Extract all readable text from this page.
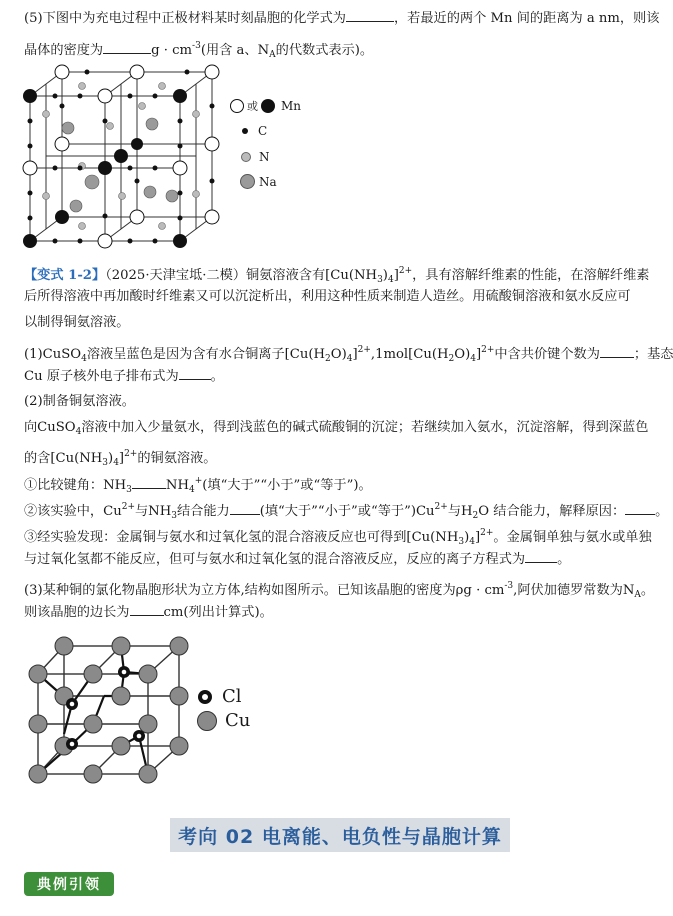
(5)下图中为充电过程中正极材料某时刻晶胞的化学式为	，若最近的两个 Mn 间的距离为 a nm，则该
晶体的密度为	$g \cdot cm^{-3}$(用含 a、$N_A$的代数式表示)。
或 Mn
C
N
Na
【变式 1-2】（2025·天津宝坻·二模）铜氨溶液含有$[Cu(NH_3)_4]^{2+}$，具有溶解纤维素的性能，在溶解纤维素
后所得溶液中再加酸时纤维素又可以沉淀析出，利用这种性质来制造人造丝。用硫酸铜溶液和氨水反应可
以制得铜氨溶液。
(1)CuSO$_4$溶液呈蓝色是因为含有水合铜离子$[Cu(H_2O)_4]^{2+},1mol[Cu(H_2O)_4]^{2+}$中含共价键个数为	；基态
Cu 原子核外电子排布式为 。
(2)制备铜氨溶液。
向CuSO$_4$溶液中加入少量氨水，得到浅蓝色的碱式硫酸铜的沉淀；若继续加入氨水，沉淀溶解，得到深蓝色
的含$[Cu(NH_3)_4]^{2+}$的铜氨溶液。
①比较键角：$NH_3$	$NH_4^+$(填“大于”“小于”或“等于”)。
②该实验中，$Cu^{2+}$与$NH_3$结合能力 (填“大于”“小于”或“等于$”)Cu^{2+}$与$H_2O$ 结合能力，解释原因： 。
③经实验发现：金属铜与氨水和过氧化氢的混合溶液反应也可得到$[Cu(NH_3)_4]^{2+}$。金属铜单独与氨水或单独
与过氧化氢都不能反应，但可与氨水和过氧化氢的混合溶液反应，反应的离子方程式为 。
(3)某种铜的氯化物晶胞形状为立方体,结构如图所示。已知该晶胞的密度为$\rho g \cdot cm^{-3}$,阿伏加德罗常数为$N_A$。
则该晶胞的边长为	cm(列出计算式)。
Cl
Cu
考向 02 电离能、电负性与晶胞计算
典例引领
